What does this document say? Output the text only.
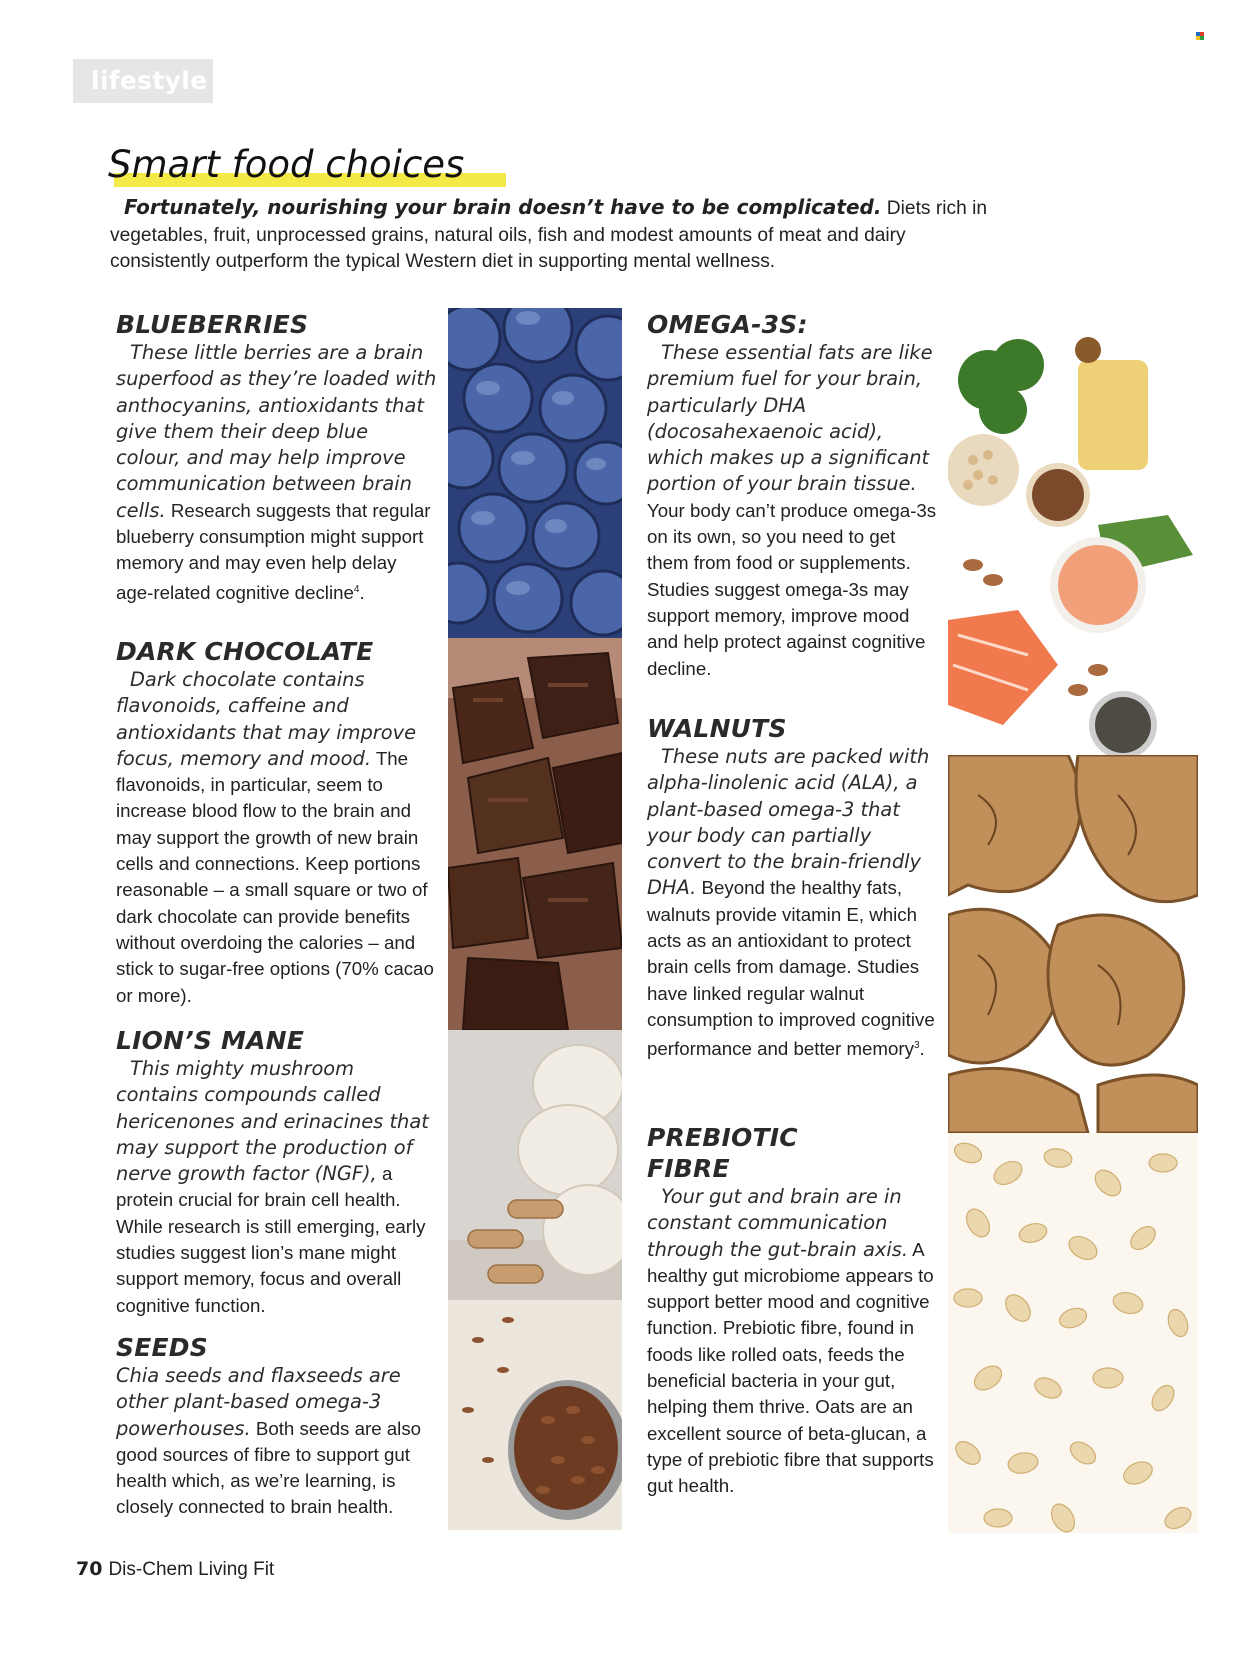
lifestyle
Smart food choices
Fortunately, nourishing your brain doesn’t have to be complicated. Diets rich in vegetables, fruit, unprocessed grains, natural oils, fish and modest amounts of meat and dairy consistently outperform the typical Western diet in supporting mental wellness.
BLUEBERRIES

These little berries are a brain superfood as they’re loaded with anthocyanins, antioxidants that give them their deep blue colour, and may help improve communication between brain cells. Research suggests that regular blueberry consumption might support memory and may even help delay age-related cognitive decline$^4$.

DARK CHOCOLATE

Dark chocolate contains flavonoids, caffeine and antioxidants that may improve focus, memory and mood. The flavonoids, in particular, seem to increase blood flow to the brain and may support the growth of new brain cells and connections. Keep portions reasonable – a small square or two of dark chocolate can provide benefits without overdoing the calories – and stick to sugar-free options (70% cacao or more).

LION’S MANE

This mighty mushroom contains compounds called hericenones and erinacines that may support the production of nerve growth factor (NGF), a protein crucial for brain cell health. While research is still emerging, early studies suggest lion’s mane might support memory, focus and overall cognitive function.

SEEDS

Chia seeds and flaxseeds are other plant-based omega-3 powerhouses. Both seeds are also good sources of fibre to support gut health which, as we’re learning, is closely connected to brain health.

OMEGA-3S:

These essential fats are like premium fuel for your brain, particularly DHA (docosahexaenoic acid), which makes up a significant portion of your brain tissue. Your body can’t produce omega-3s on its own, so you need to get them from food or supplements. Studies suggest omega-3s may support memory, improve mood and help protect against cognitive decline.

WALNUTS

These nuts are packed with alpha-linolenic acid (ALA), a plant-based omega-3 that your body can partially convert to the brain-friendly DHA. Beyond the healthy fats, walnuts provide vitamin E, which acts as an antioxidant to protect brain cells from damage. Studies have linked regular walnut consumption to improved cognitive performance and better memory$^3$.

PREBIOTIC
FIBRE

Your gut and brain are in constant communication through the gut-brain axis. A healthy gut microbiome appears to support better mood and cognitive function. Prebiotic fibre, found in foods like rolled oats, feeds the beneficial bacteria in your gut, helping them thrive. Oats are an excellent source of beta-glucan, a type of prebiotic fibre that supports gut health.

70 Dis-Chem Living Fit
